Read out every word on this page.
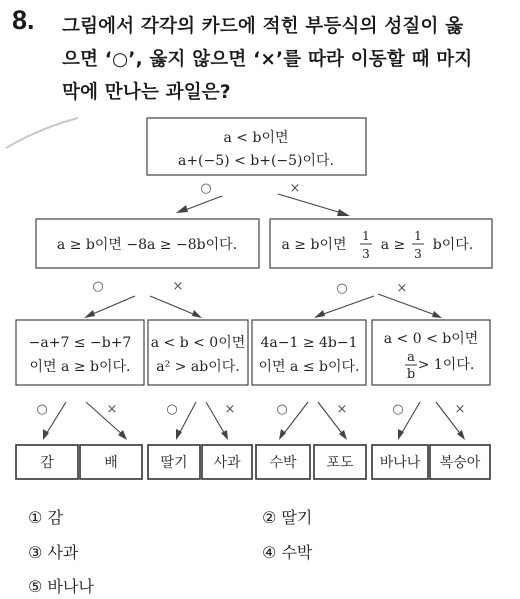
8. 그림에서 각각의 카드에 적힌 부등식의 성질이 옳
으면 ‘○’, 옳지 않으면 ‘×’를 따라 이동할 때 마지
막에 만나는 과일은?
a < b이면
a+(−5) < b+(−5)이다.
○	×
a ≥ b이면 −8a ≥ −8b이다.	a ≥ b이면
1
3
a ≥
1
3
b이다.
○	×	○	×
−a+7 ≤ −b+7
이면 a ≥ b이다.
a < b < 0이면
a² > ab이다.
4a−1 ≥ 4b−1
이면 a ≤ b이다.
a < 0 < b이면
a
b
> 1이다.
○	×	○	×	○	×	○	×
감	배	딸기 사과 수박 포도 바나나 복숭아
① 감	② 딸기
③ 사과	④ 수박
⑤ 바나나
